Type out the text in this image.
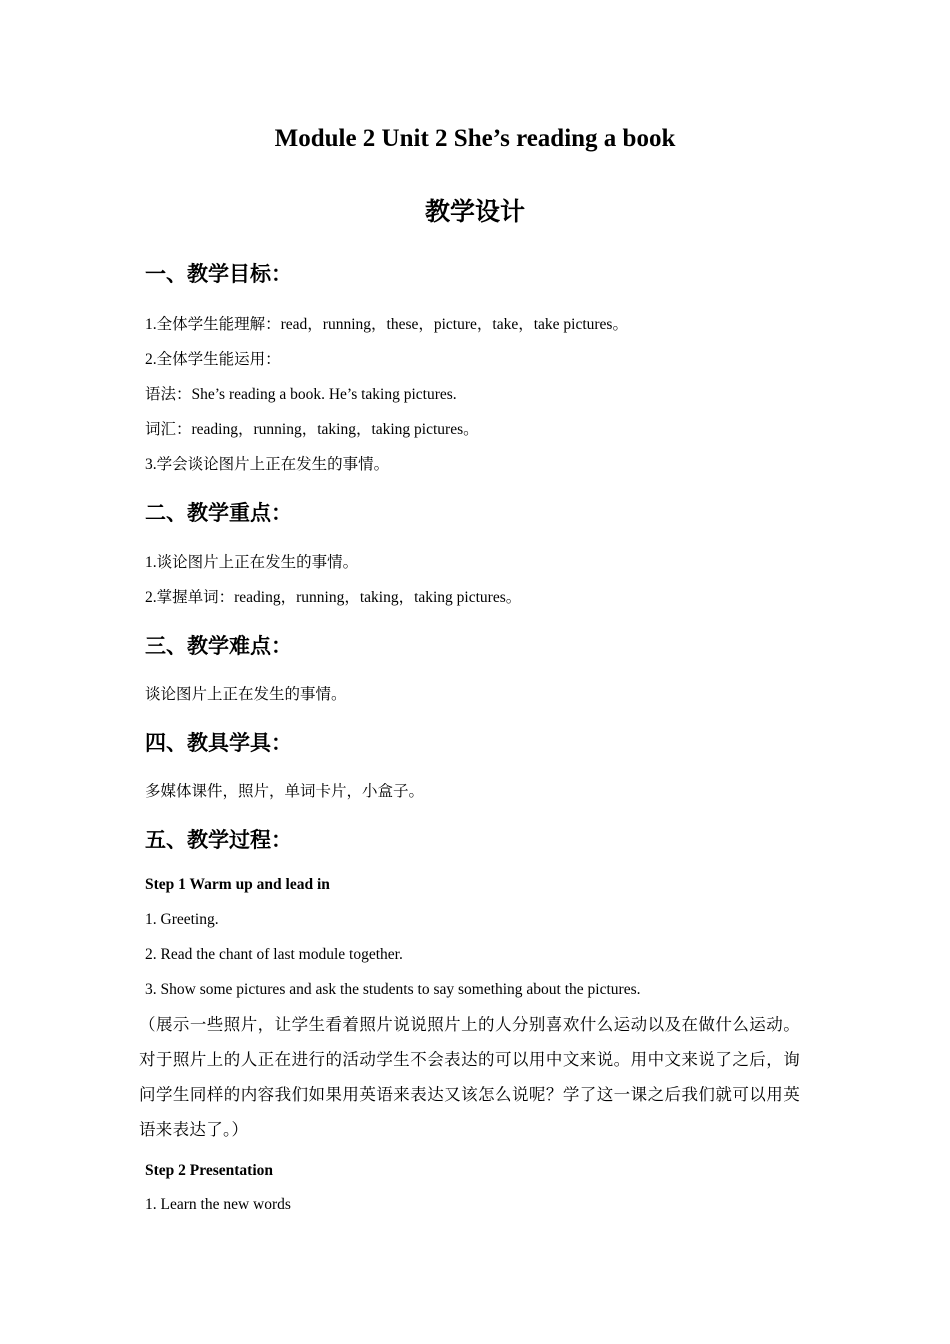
Module 2 Unit 2 She’s reading a book
教学设计
一、教学目标：
1.全体学生能理解：read，running，these，picture，take，take pictures。
2.全体学生能运用：
语法：She’s reading a book. He’s taking pictures.
词汇：reading，running，taking，taking pictures。
3.学会谈论图片上正在发生的事情。
二、教学重点：
1.谈论图片上正在发生的事情。
2.掌握单词：reading，running，taking，taking pictures。
三、教学难点：
谈论图片上正在发生的事情。
四、教具学具：
多媒体课件，照片，单词卡片，小盒子。
五、教学过程：
Step 1 Warm up and lead in
1. Greeting.
2. Read the chant of last module together.
3. Show some pictures and ask the students to say something about the pictures.
（展示一些照片，让学生看着照片说说照片上的人分别喜欢什么运动以及在做什么运动。对于照片上的人正在进行的活动学生不会表达的可以用中文来说。用中文来说了之后，询问学生同样的内容我们如果用英语来表达又该怎么说呢？学了这一课之后我们就可以用英语来表达了。）
Step 2 Presentation
1. Learn the new words
